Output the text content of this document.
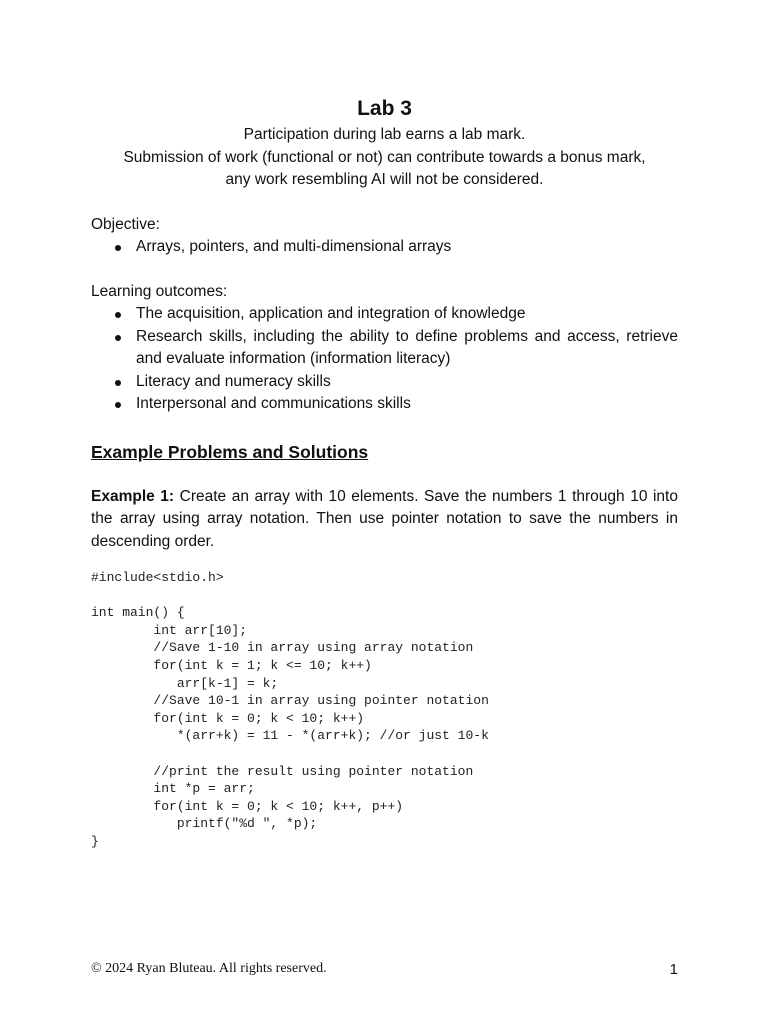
Lab 3
Participation during lab earns a lab mark.
Submission of work (functional or not) can contribute towards a bonus mark,
any work resembling AI will not be considered.

Objective:

Arrays, pointers, and multi-dimensional arrays

Learning outcomes:

The acquisition, application and integration of knowledge
Research skills, including the ability to define problems and access, retrieve and evaluate information (information literacy)
Literacy and numeracy skills
Interpersonal and communications skills
Example Problems and Solutions

Example 1: Create an array with 10 elements. Save the numbers 1 through 10 into the array using array notation. Then use pointer notation to save the numbers in descending order.

#include<stdio.h>

int main() {
int arr[10];
//Save 1-10 in array using array notation
for(int k = 1; k <= 10; k++)
arr[k-1] = k;
//Save 10-1 in array using pointer notation
for(int k = 0; k < 10; k++)
*(arr+k) = 11 - *(arr+k); //or just 10-k

//print the result using pointer notation
int *p = arr;
for(int k = 0; k < 10; k++, p++)
printf("%d ", *p);
}
© 2024 Ryan Bluteau. All rights reserved.	1
